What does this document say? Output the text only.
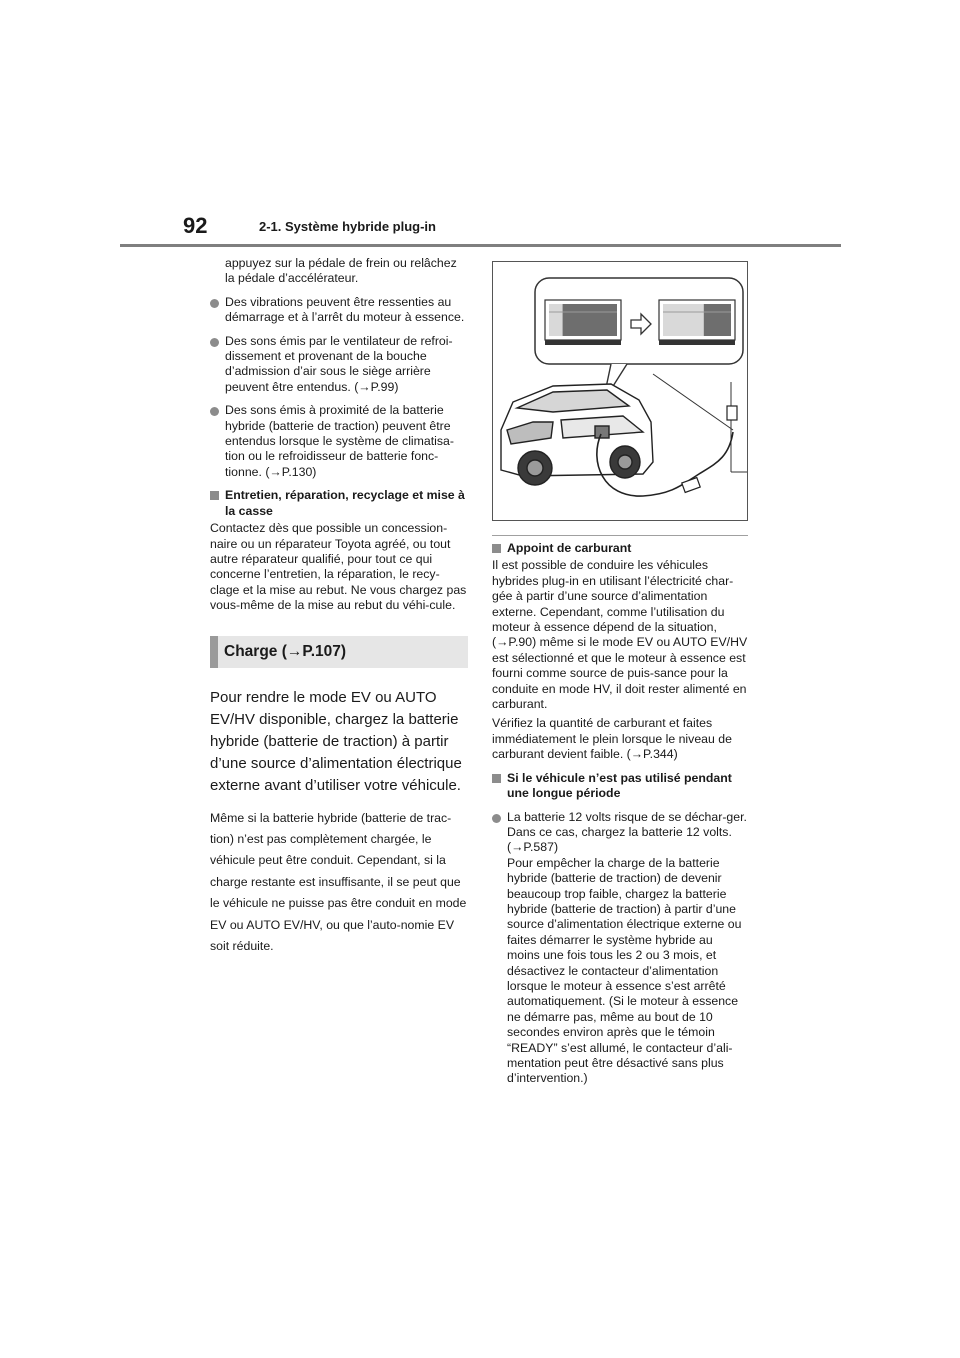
92	2-1. Système hybride plug-in

appuyez sur la pédale de frein ou relâchez la pédale d’accélérateur.

Des vibrations peuvent être ressenties au démarrage et à l’arrêt du moteur à essence.
Des sons émis par le ventilateur de refroi-dissement et provenant de la bouche d’admission d’air sous le siège arrière peuvent être entendus. (→P.99)
Des sons émis à proximité de la batterie hybride (batterie de traction) peuvent être entendus lorsque le système de climatisa-tion ou le refroidisseur de batterie fonc-tionne. (→P.130)
Entretien, réparation, recyclage et mise à la casse

Contactez dès que possible un concession-naire ou un réparateur Toyota agréé, ou tout autre réparateur qualifié, pour tout ce qui concerne l’entretien, la réparation, le recy-clage et la mise au rebut. Ne vous chargez pas vous-même de la mise au rebut du véhi-cule.

Charge (→P.107)

Pour rendre le mode EV ou AUTO EV/HV disponible, chargez la batterie hybride (batterie de traction) à partir d’une source d’alimentation électrique externe avant d’utiliser votre véhicule.

Même si la batterie hybride (batterie de trac-tion) n’est pas complètement chargée, le véhicule peut être conduit. Cependant, si la charge restante est insuffisante, il se peut que le véhicule ne puisse pas être conduit en mode EV ou AUTO EV/HV, ou que l’auto-nomie EV soit réduite.

Appoint de carburant

Il est possible de conduire les véhicules hybrides plug-in en utilisant l’électricité char-gée à partir d’une source d’alimentation externe. Cependant, comme l’utilisation du moteur à essence dépend de la situation, (→P.90) même si le mode EV ou AUTO EV/HV est sélectionné et que le moteur à essence est fourni comme source de puis-sance pour la conduite en mode HV, il doit rester alimenté en carburant.

Vérifiez la quantité de carburant et faites immédiatement le plein lorsque le niveau de carburant devient faible. (→P.344)

Si le véhicule n’est pas utilisé pendant une longue période
La batterie 12 volts risque de se déchar-ger. Dans ce cas, chargez la batterie 12 volts. (→P.587)
Pour empêcher la charge de la batterie hybride (batterie de traction) de devenir beaucoup trop faible, chargez la batterie hybride (batterie de traction) à partir d’une source d’alimentation électrique externe ou faites démarrer le système hybride au moins une fois tous les 2 ou 3 mois, et désactivez le contacteur d’alimentation lorsque le moteur à essence s’est arrêté automatiquement. (Si le moteur à essence ne démarre pas, même au bout de 10 secondes environ après que le témoin “READY” s’est allumé, le contacteur d’ali-mentation peut être désactivé sans plus d’intervention.)
